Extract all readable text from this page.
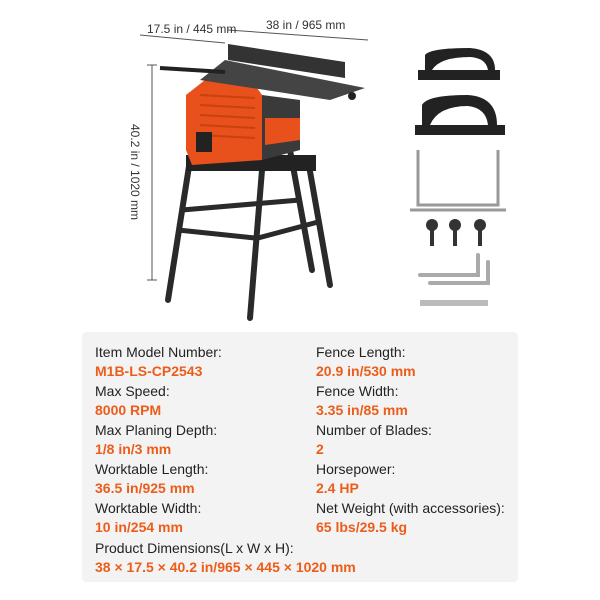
17.5 in / 445 mm 38 in / 965 mm
40.2 in / 1020 mm
Item Model Number:
M1B-LS-CP2543
Max Speed:
8000 RPM
Max Planing Depth:
1/8 in/3 mm
Worktable Length:
36.5 in/925 mm
Worktable Width:
10 in/254 mm
Fence Length:
20.9 in/530 mm
Fence Width:
3.35 in/85 mm
Number of Blades:
2
Horsepower:
2.4 HP
Net Weight (with accessories):
65 lbs/29.5 kg
Product Dimensions(L x W x H):
38 × 17.5 × 40.2 in/965 × 445 × 1020 mm
